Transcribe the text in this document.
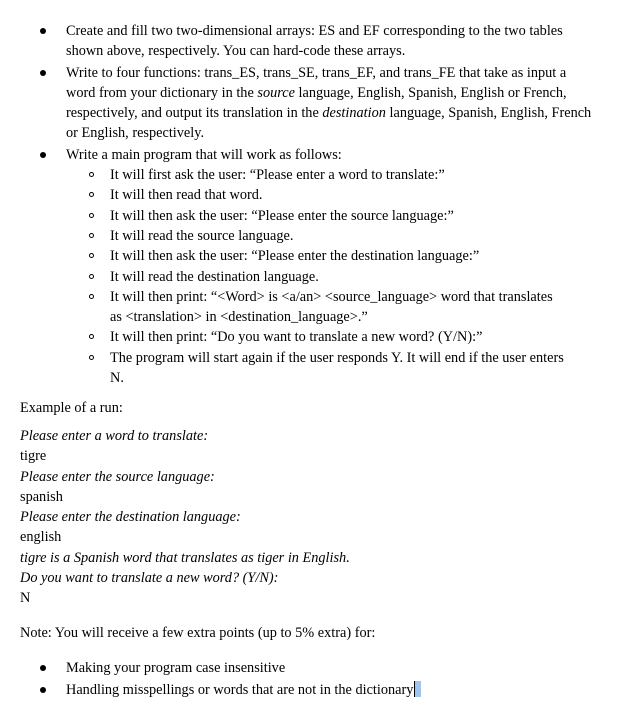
Create and fill two two-dimensional arrays: ES and EF corresponding to the two tables shown above, respectively. You can hard-code these arrays.
Write to four functions: trans_ES, trans_SE, trans_EF, and trans_FE that take as input a word from your dictionary in the source language, English, Spanish, English or French, respectively, and output its translation in the destination language, Spanish, English, French or English, respectively.
Write a main program that will work as follows:
It will first ask the user: “Please enter a word to translate:”
It will then read that word.
It will then ask the user: “Please enter the source language:”
It will read the source language.
It will then ask the user: “Please enter the destination language:”
It will read the destination language.
It will then print: “<Word> is <a/an> <source_language> word that translates as <translation> in <destination_language>.”
It will then print: “Do you want to translate a new word? (Y/N):”
The program will start again if the user responds Y. It will end if the user enters N.
Example of a run:
Please enter a word to translate:
tigre
Please enter the source language:
spanish
Please enter the destination language:
english
tigre is a Spanish word that translates as tiger in English.
Do you want to translate a new word? (Y/N):
N
Note: You will receive a few extra points (up to 5% extra) for:
Making your program case insensitive
Handling misspellings or words that are not in the dictionary
